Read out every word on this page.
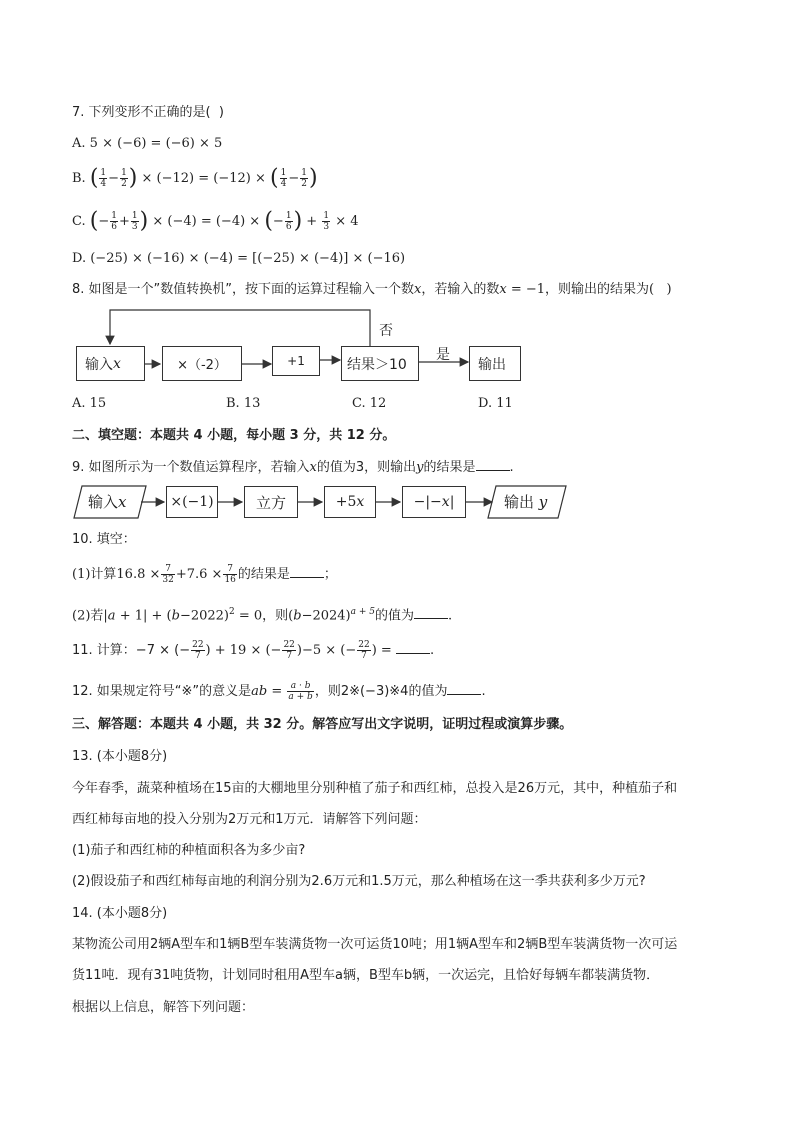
7. 下列变形不正确的是(  )
A. 5 × (−6) = (−6) × 5
B. ( $\frac{1}{4} - \frac{1}{2}$ ) × (−12) = (−12) × ( $\frac{1}{4} - \frac{1}{2}$ )
C. (− $\frac{1}{6} + \frac{1}{3}$ ) × (−4) = (−4) × (− $\frac{1}{6}$ ) + $\frac{1}{3} \times 4$
D. (−25) × (−16) × (−4) = [(−25) × (−4)] × (−16)
8. 如图是一个”数值转换机”，按下面的运算过程输入一个数x，若输入的数x = −1，则输出的结果为(   )
输入 x	×（-2）	+1	结果＞10	输出
否
是
A. 15	B. 13	C. 12	D. 11
二、填空题：本题共 4 小题，每小题 3 分，共 12 分。
9. 如图所示为一个数值运算程序，若输入x的值为3，则输出y的结果是	.
输入x	×(−1)	立方	+5 x	−|− x |	输出 y
10. 填空：
(1)计算$16.8 \times \frac{7}{32} +7.6 \times \frac{7}{16}$ 的结果是	；
(2)若$|a + 1| + (b-2022)^2 = 0$，则$(b-2024)^{a + 5}$的值为	.
11. 计算：−7 × (− $\frac{22}{7}$ ) + 19 × (− $\frac{22}{7} )-5$ × (− $\frac{22}{7}$ ) =	.
12. 如果规定符号“※”的意义是ab = $\frac{a \cdot b}{a + b}$ ，则2※(−3)※4的值为	.
三、解答题：本题共 4 小题，共 32 分。解答应写出文字说明，证明过程或演算步骤。
13. (本小题8分)
今年春季，蔬菜种植场在15亩的大棚地里分别种植了茄子和西红柿，总投入是26万元，其中，种植茄子和
西红柿每亩地的投入分别为2万元和1万元．请解答下列问题：
(1)茄子和西红柿的种植面积各为多少亩?
(2)假设茄子和西红柿每亩地的利润分别为2.6万元和1.5万元，那么种植场在这一季共获利多少万元?
14. (本小题8分)
某物流公司用2辆A型车和1辆B型车装满货物一次可运货10吨；用1辆A型车和2辆B型车装满货物一次可运
货11吨．现有31吨货物，计划同时租用A型车a辆，B型车b辆，一次运完，且恰好每辆车都装满货物．
根据以上信息，解答下列问题：
